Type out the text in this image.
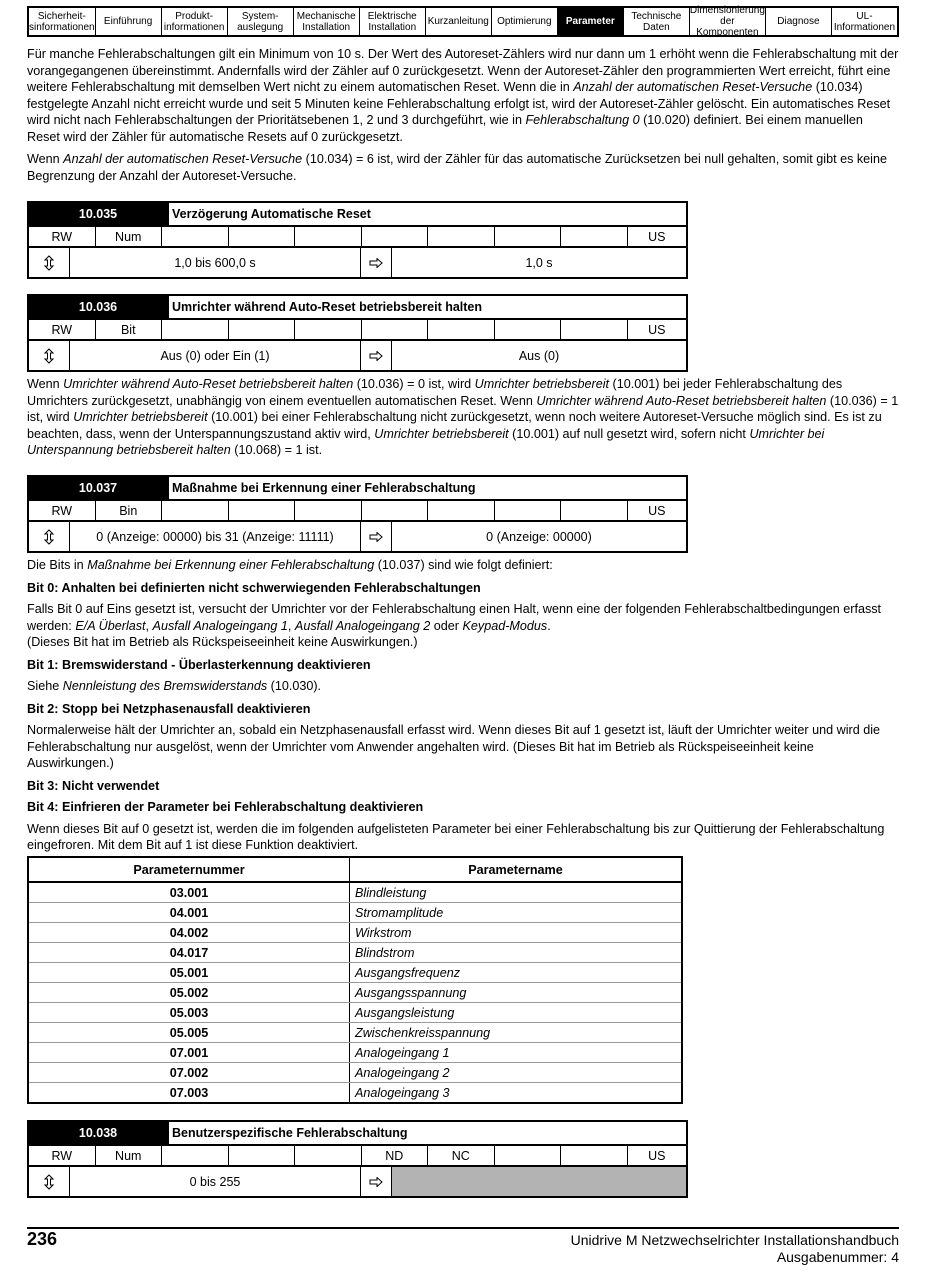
Sicherheit-
sinformationen Einführung	Produkt-
informationen
System-
auslegung
Mechanische
Installation
Elektrische
Installation	Kurzanleitung Optimierung	Parameter	Technische
Daten
Dimensionierung
der Komponenten
Diagnose	UL-
Informationen

Für manche Fehlerabschaltungen gilt ein Minimum von 10 s. Der Wert des Autoreset-Zählers wird nur dann um 1 erhöht wenn die Fehlerabschaltung mit der vorangegangenen übereinstimmt. Andernfalls wird der Zähler auf 0 zurückgesetzt. Wenn der Autoreset-Zähler den programmierten Wert erreicht, führt eine weitere Fehlerabschaltung mit demselben Wert nicht zu einem automatischen Reset. Wenn die in Anzahl der automatischen Reset-Versuche (10.034) festgelegte Anzahl nicht erreicht wurde und seit 5 Minuten keine Fehlerabschaltung erfolgt ist, wird der Autoreset-Zähler gelöscht. Ein automatisches Reset wird nicht nach Fehlerabschaltungen der Prioritätsebenen 1, 2 und 3 durchgeführt, wie in Fehlerabschaltung 0 (10.020) definiert. Bei einem manuellen Reset wird der Zähler für automatische Resets auf 0 zurückgesetzt.

Wenn Anzahl der automatischen Reset-Versuche (10.034) = 6 ist, wird der Zähler für das automatische Zurücksetzen bei null gehalten, somit gibt es keine Begrenzung der Anzahl der Autoreset-Versuche.

10.035	Verzögerung Automatische Reset
RW	Num	US
1,0 bis 600,0 s	1,0 s
10.036	Umrichter während Auto-Reset betriebsbereit halten
RW	Bit	US
Aus (0) oder Ein (1)	Aus (0)

Wenn Umrichter während Auto-Reset betriebsbereit halten (10.036) = 0 ist, wird Umrichter betriebsbereit (10.001) bei jeder Fehlerabschaltung des Umrichters zurückgesetzt, unabhängig von einem eventuellen automatischen Reset. Wenn Umrichter während Auto-Reset betriebsbereit halten (10.036) = 1 ist, wird Umrichter betriebsbereit (10.001) bei einer Fehlerabschaltung nicht zurückgesetzt, wenn noch weitere Autoreset-Versuche möglich sind. Es ist zu beachten, dass, wenn der Unterspannungszustand aktiv wird, Umrichter betriebsbereit (10.001) auf null gesetzt wird, sofern nicht Umrichter bei Unterspannung betriebsbereit halten (10.068) = 1 ist.

10.037	Maßnahme bei Erkennung einer Fehlerabschaltung
RW	Bin	US
0 (Anzeige: 00000) bis 31 (Anzeige: 11111)	0 (Anzeige: 00000)

Die Bits in Maßnahme bei Erkennung einer Fehlerabschaltung (10.037) sind wie folgt definiert:

Bit 0: Anhalten bei definierten nicht schwerwiegenden Fehlerabschaltungen

Falls Bit 0 auf Eins gesetzt ist, versucht der Umrichter vor der Fehlerabschaltung einen Halt, wenn eine der folgenden Fehlerabschaltbedingungen erfasst werden: E/A Überlast, Ausfall Analogeingang 1, Ausfall Analogeingang 2 oder Keypad-Modus.
(Dieses Bit hat im Betrieb als Rückspeiseeinheit keine Auswirkungen.)

Bit 1: Bremswiderstand - Überlasterkennung deaktivieren

Siehe Nennleistung des Bremswiderstands (10.030).

Bit 2: Stopp bei Netzphasenausfall deaktivieren

Normalerweise hält der Umrichter an, sobald ein Netzphasenausfall erfasst wird. Wenn dieses Bit auf 1 gesetzt ist, läuft der Umrichter weiter und wird die Fehlerabschaltung nur ausgelöst, wenn der Umrichter vom Anwender angehalten wird. (Dieses Bit hat im Betrieb als Rückspeiseeinheit keine Auswirkungen.)

Bit 3: Nicht verwendet
Bit 4: Einfrieren der Parameter bei Fehlerabschaltung deaktivieren

Wenn dieses Bit auf 0 gesetzt ist, werden die im folgenden aufgelisteten Parameter bei einer Fehlerabschaltung bis zur Quittierung der Fehlerabschaltung eingefroren. Mit dem Bit auf 1 ist diese Funktion deaktiviert.

Parameternummer	Parametername
03.001	Blindleistung
04.001	Stromamplitude
04.002	Wirkstrom
04.017	Blindstrom
05.001	Ausgangsfrequenz
05.002	Ausgangsspannung
05.003	Ausgangsleistung
05.005	Zwischenkreisspannung
07.001	Analogeingang 1
07.002	Analogeingang 2
07.003	Analogeingang 3
10.038	Benutzerspezifische Fehlerabschaltung
RW	Num	ND	NC	US
0 bis 255
236	Unidrive M Netzwechselrichter Installationshandbuch
Ausgabenummer: 4
